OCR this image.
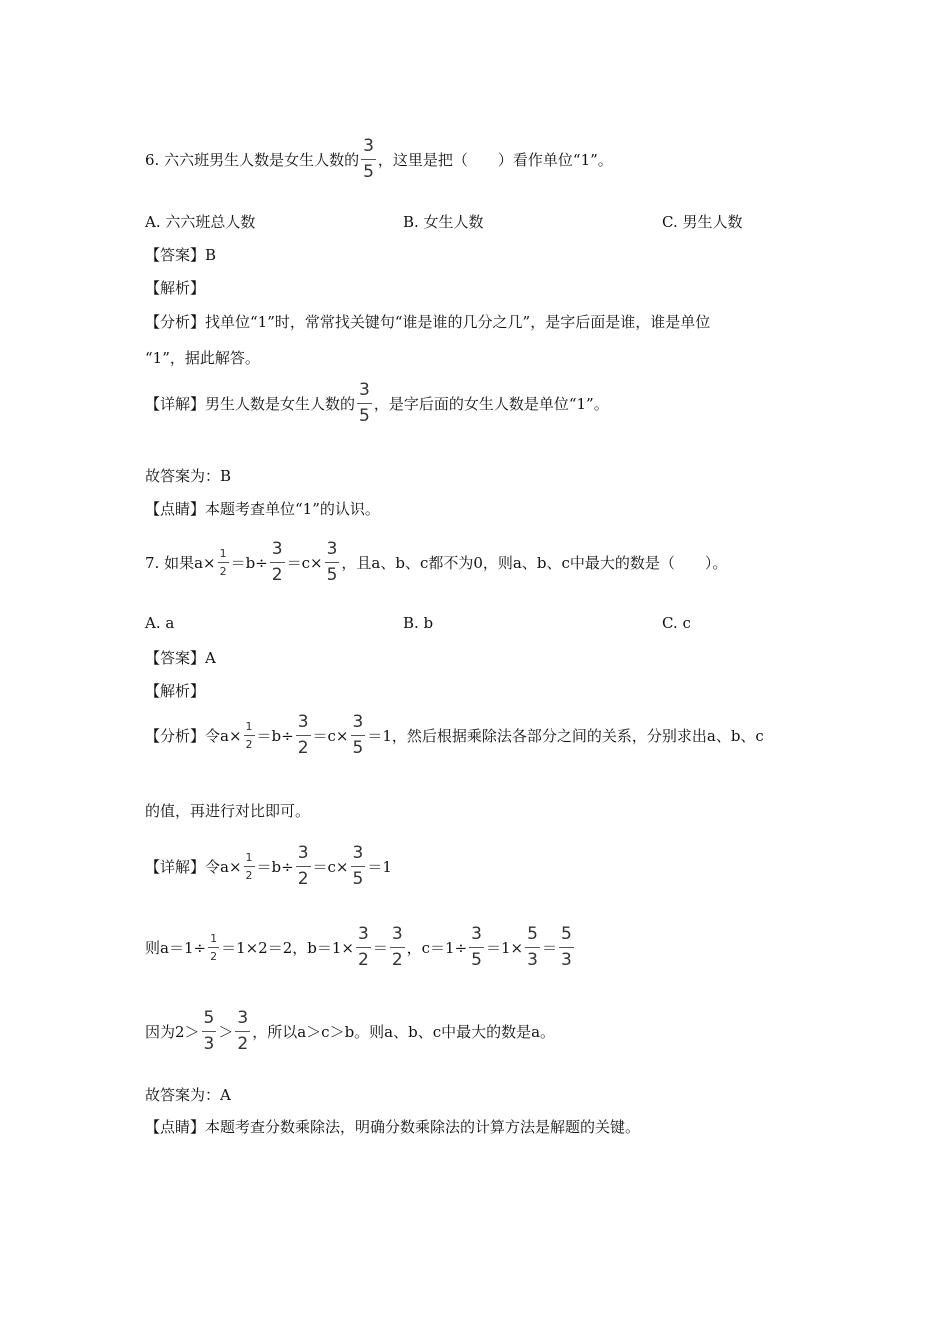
6. 六六班男生人数是女生人数的 $\frac{3}{5}$ ，这里是把（　　）看作单位“1”。
A. 六六班总人数	B. 女生人数	C. 男生人数
【答案】B
【解析】
【分析】找单位“1”时，常常找关键句“谁是谁的几分之几”，是字后面是谁，谁是单位
“1”，据此解答。
【详解】男生人数是女生人数的 $\frac{3}{5}$ ，是字后面的女生人数是单位“1”。
故答案为：B
【点睛】本题考查单位“1”的认识。
7. 如果$a\times \frac{1}{2} =b\div \frac{3}{2} =c\times \frac{3}{5}$ ，且a、b、c都不为0，则a、b、c中最大的数是（　　）。
A. a	B. b	C. c
【答案】A
【解析】
【分析】令$a\times \frac{1}{2} =b\div \frac{3}{2} =c\times \frac{3}{5} =1$，然后根据乘除法各部分之间的关系，分别求出a、b、c
的值，再进行对比即可。
【详解】令$a\times \frac{1}{2} =b\div \frac{3}{2} =c\times \frac{3}{5} =1$
则$a=1\div \frac{1}{2} =1\times 2=2$，$b=1\times \frac{3}{2} = \frac{3}{2}$ ，$c=1\div \frac{3}{5} =1\times \frac{5}{3} = \frac{5}{3}$
因为$2> \frac{5}{3} > \frac{3}{2}$ ，所以a＞c＞b。则a、b、c中最大的数是a。
故答案为：A
【点睛】本题考查分数乘除法，明确分数乘除法的计算方法是解题的关键。
